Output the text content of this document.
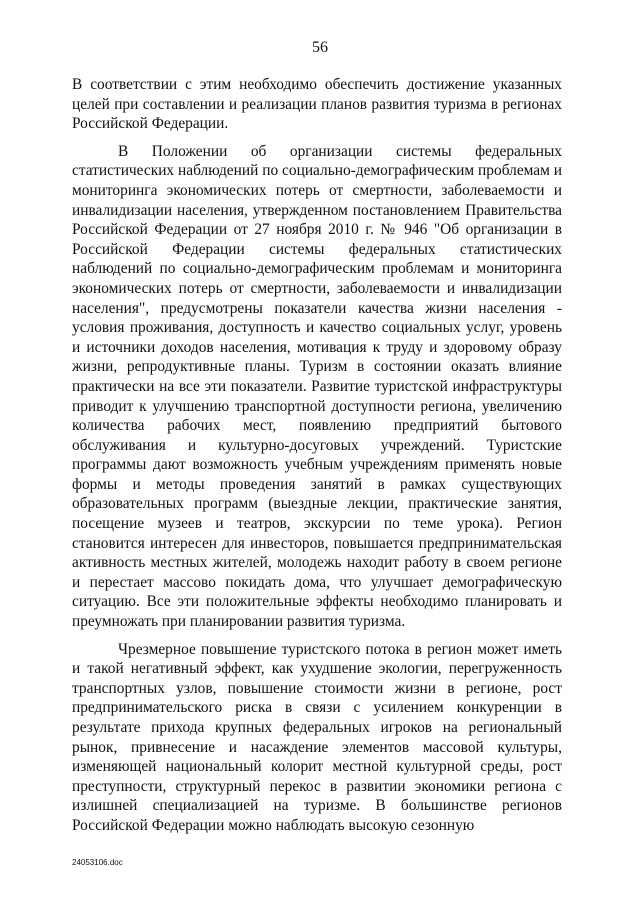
56

В соответствии с этим необходимо обеспечить достижение указанных целей при составлении и реализации планов развития туризма в регионах Российской Федерации.

В Положении об организации системы федеральных статистических наблюдений по социально-демографическим проблемам и мониторинга экономических потерь от смертности, заболеваемости и инвалидизации населения, утвержденном постановлением Правительства Российской Федерации от 27 ноября 2010 г. № 946 "Об организации в Российской Федерации системы федеральных статистических наблюдений по социально-демографическим проблемам и мониторинга экономических потерь от смертности, заболеваемости и инвалидизации населения", предусмотрены показатели качества жизни населения - условия проживания, доступность и качество социальных услуг, уровень и источники доходов населения, мотивация к труду и здоровому образу жизни, репродуктивные планы. Туризм в состоянии оказать влияние практически на все эти показатели. Развитие туристской инфраструктуры приводит к улучшению транспортной доступности региона, увеличению количества рабочих мест, появлению предприятий бытового обслуживания и культурно-досуговых учреждений. Туристские программы дают возможность учебным учреждениям применять новые формы и методы проведения занятий в рамках существующих образовательных программ (выездные лекции, практические занятия, посещение музеев и театров, экскурсии по теме урока). Регион становится интересен для инвесторов, повышается предпринимательская активность местных жителей, молодежь находит работу в своем регионе и перестает массово покидать дома, что улучшает демографическую ситуацию. Все эти положительные эффекты необходимо планировать и преумножать при планировании развития туризма.

Чрезмерное повышение туристского потока в регион может иметь и такой негативный эффект, как ухудшение экологии, перегруженность транспортных узлов, повышение стоимости жизни в регионе, рост предпринимательского риска в связи с усилением конкуренции в результате прихода крупных федеральных игроков на региональный рынок, привнесение и насаждение элементов массовой культуры, изменяющей национальный колорит местной культурной среды, рост преступности, структурный перекос в развитии экономики региона с излишней специализацией на туризме. В большинстве регионов Российской Федерации можно наблюдать высокую сезонную

24053106.doc
